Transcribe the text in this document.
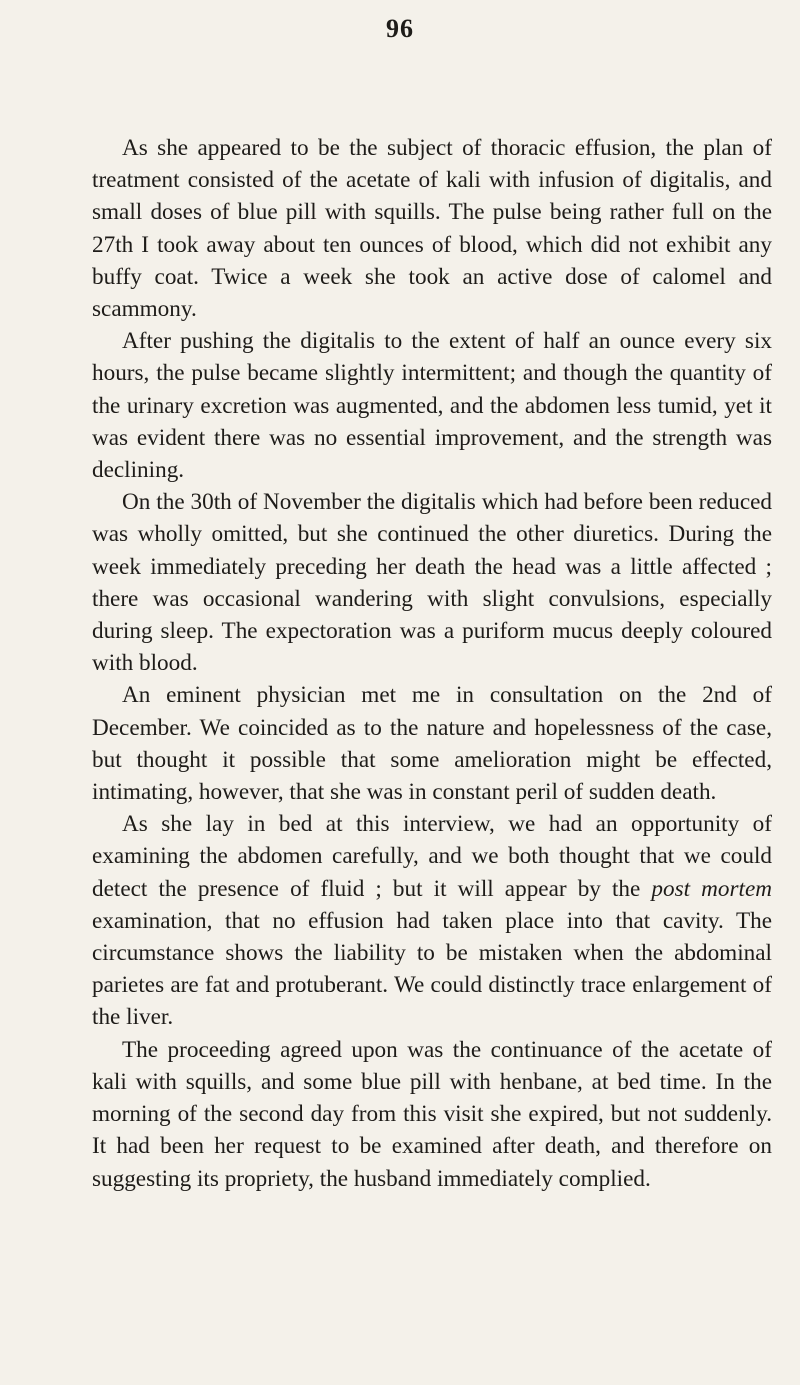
96

As she appeared to be the subject of thoracic effusion, the plan of treatment consisted of the acetate of kali with infusion of digitalis, and small doses of blue pill with squills. The pulse being rather full on the 27th I took away about ten ounces of blood, which did not exhibit any buffy coat. Twice a week she took an active dose of calomel and scammony.

After pushing the digitalis to the extent of half an ounce every six hours, the pulse became slightly intermittent; and though the quantity of the urinary excretion was augmented, and the abdomen less tumid, yet it was evident there was no essential improvement, and the strength was declining.

On the 30th of November the digitalis which had before been reduced was wholly omitted, but she continued the other diuretics. During the week immediately preceding her death the head was a little affected ; there was occasional wandering with slight convulsions, especially during sleep. The expectoration was a puriform mucus deeply coloured with blood.

An eminent physician met me in consultation on the 2nd of December. We coincided as to the nature and hopelessness of the case, but thought it possible that some amelioration might be effected, intimating, however, that she was in constant peril of sudden death.

As she lay in bed at this interview, we had an opportunity of examining the abdomen carefully, and we both thought that we could detect the presence of fluid ; but it will appear by the post mortem examination, that no effusion had taken place into that cavity. The circumstance shows the liability to be mistaken when the abdominal parietes are fat and protuberant. We could distinctly trace enlargement of the liver.

The proceeding agreed upon was the continuance of the acetate of kali with squills, and some blue pill with henbane, at bed time. In the morning of the second day from this visit she expired, but not suddenly. It had been her request to be examined after death, and therefore on suggesting its propriety, the husband immediately complied.
